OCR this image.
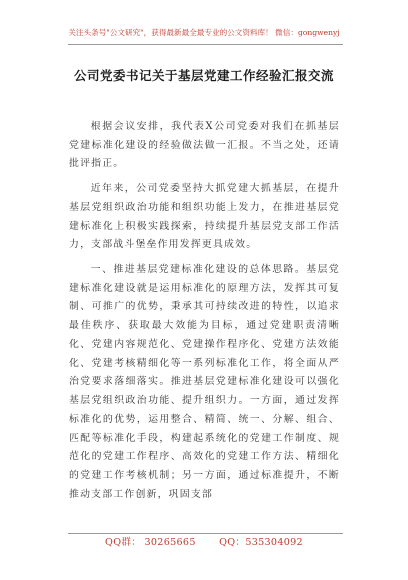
关注头条号"公文研究"，获得最新最全最专业的公文资料库！ 微信：gongwenyj
公司党委书记关于基层党建工作经验汇报交流

根据会议安排，我代表X公司党委对我们在抓基层党建标准化建设的经验做法做一汇报。不当之处，还请批评指正。

近年来，公司党委坚持大抓党建大抓基层，在提升基层党组织政治功能和组织功能上发力，在推进基层党建标准化上积极实践探索，持续提升基层党支部工作活力，支部战斗堡垒作用发挥更具成效。

一、推进基层党建标准化建设的总体思路。基层党建标准化建设就是运用标准化的原理方法，发挥其可复制、可推广的优势，秉承其可持续改进的特性，以追求最佳秩序、获取最大效能为目标，通过党建职责清晰化、党建内容规范化、党建操作程序化、党建方法效能化、党建考核精细化等一系列标准化工作，将全面从严治党要求落细落实。推进基层党建标准化建设可以强化基层党组织政治功能、提升组织力。一方面，通过发挥标准化的优势，运用整合、精简、统一、分解、组合、匹配等标准化手段，构建起系统化的党建工作制度、规范化的党建工作程序、高效化的党建工作方法、精细化的党建工作考核机制；另一方面，通过标准提升，不断推动支部工作创新，巩固支部

QQ群： 30265665 QQ：535304092
